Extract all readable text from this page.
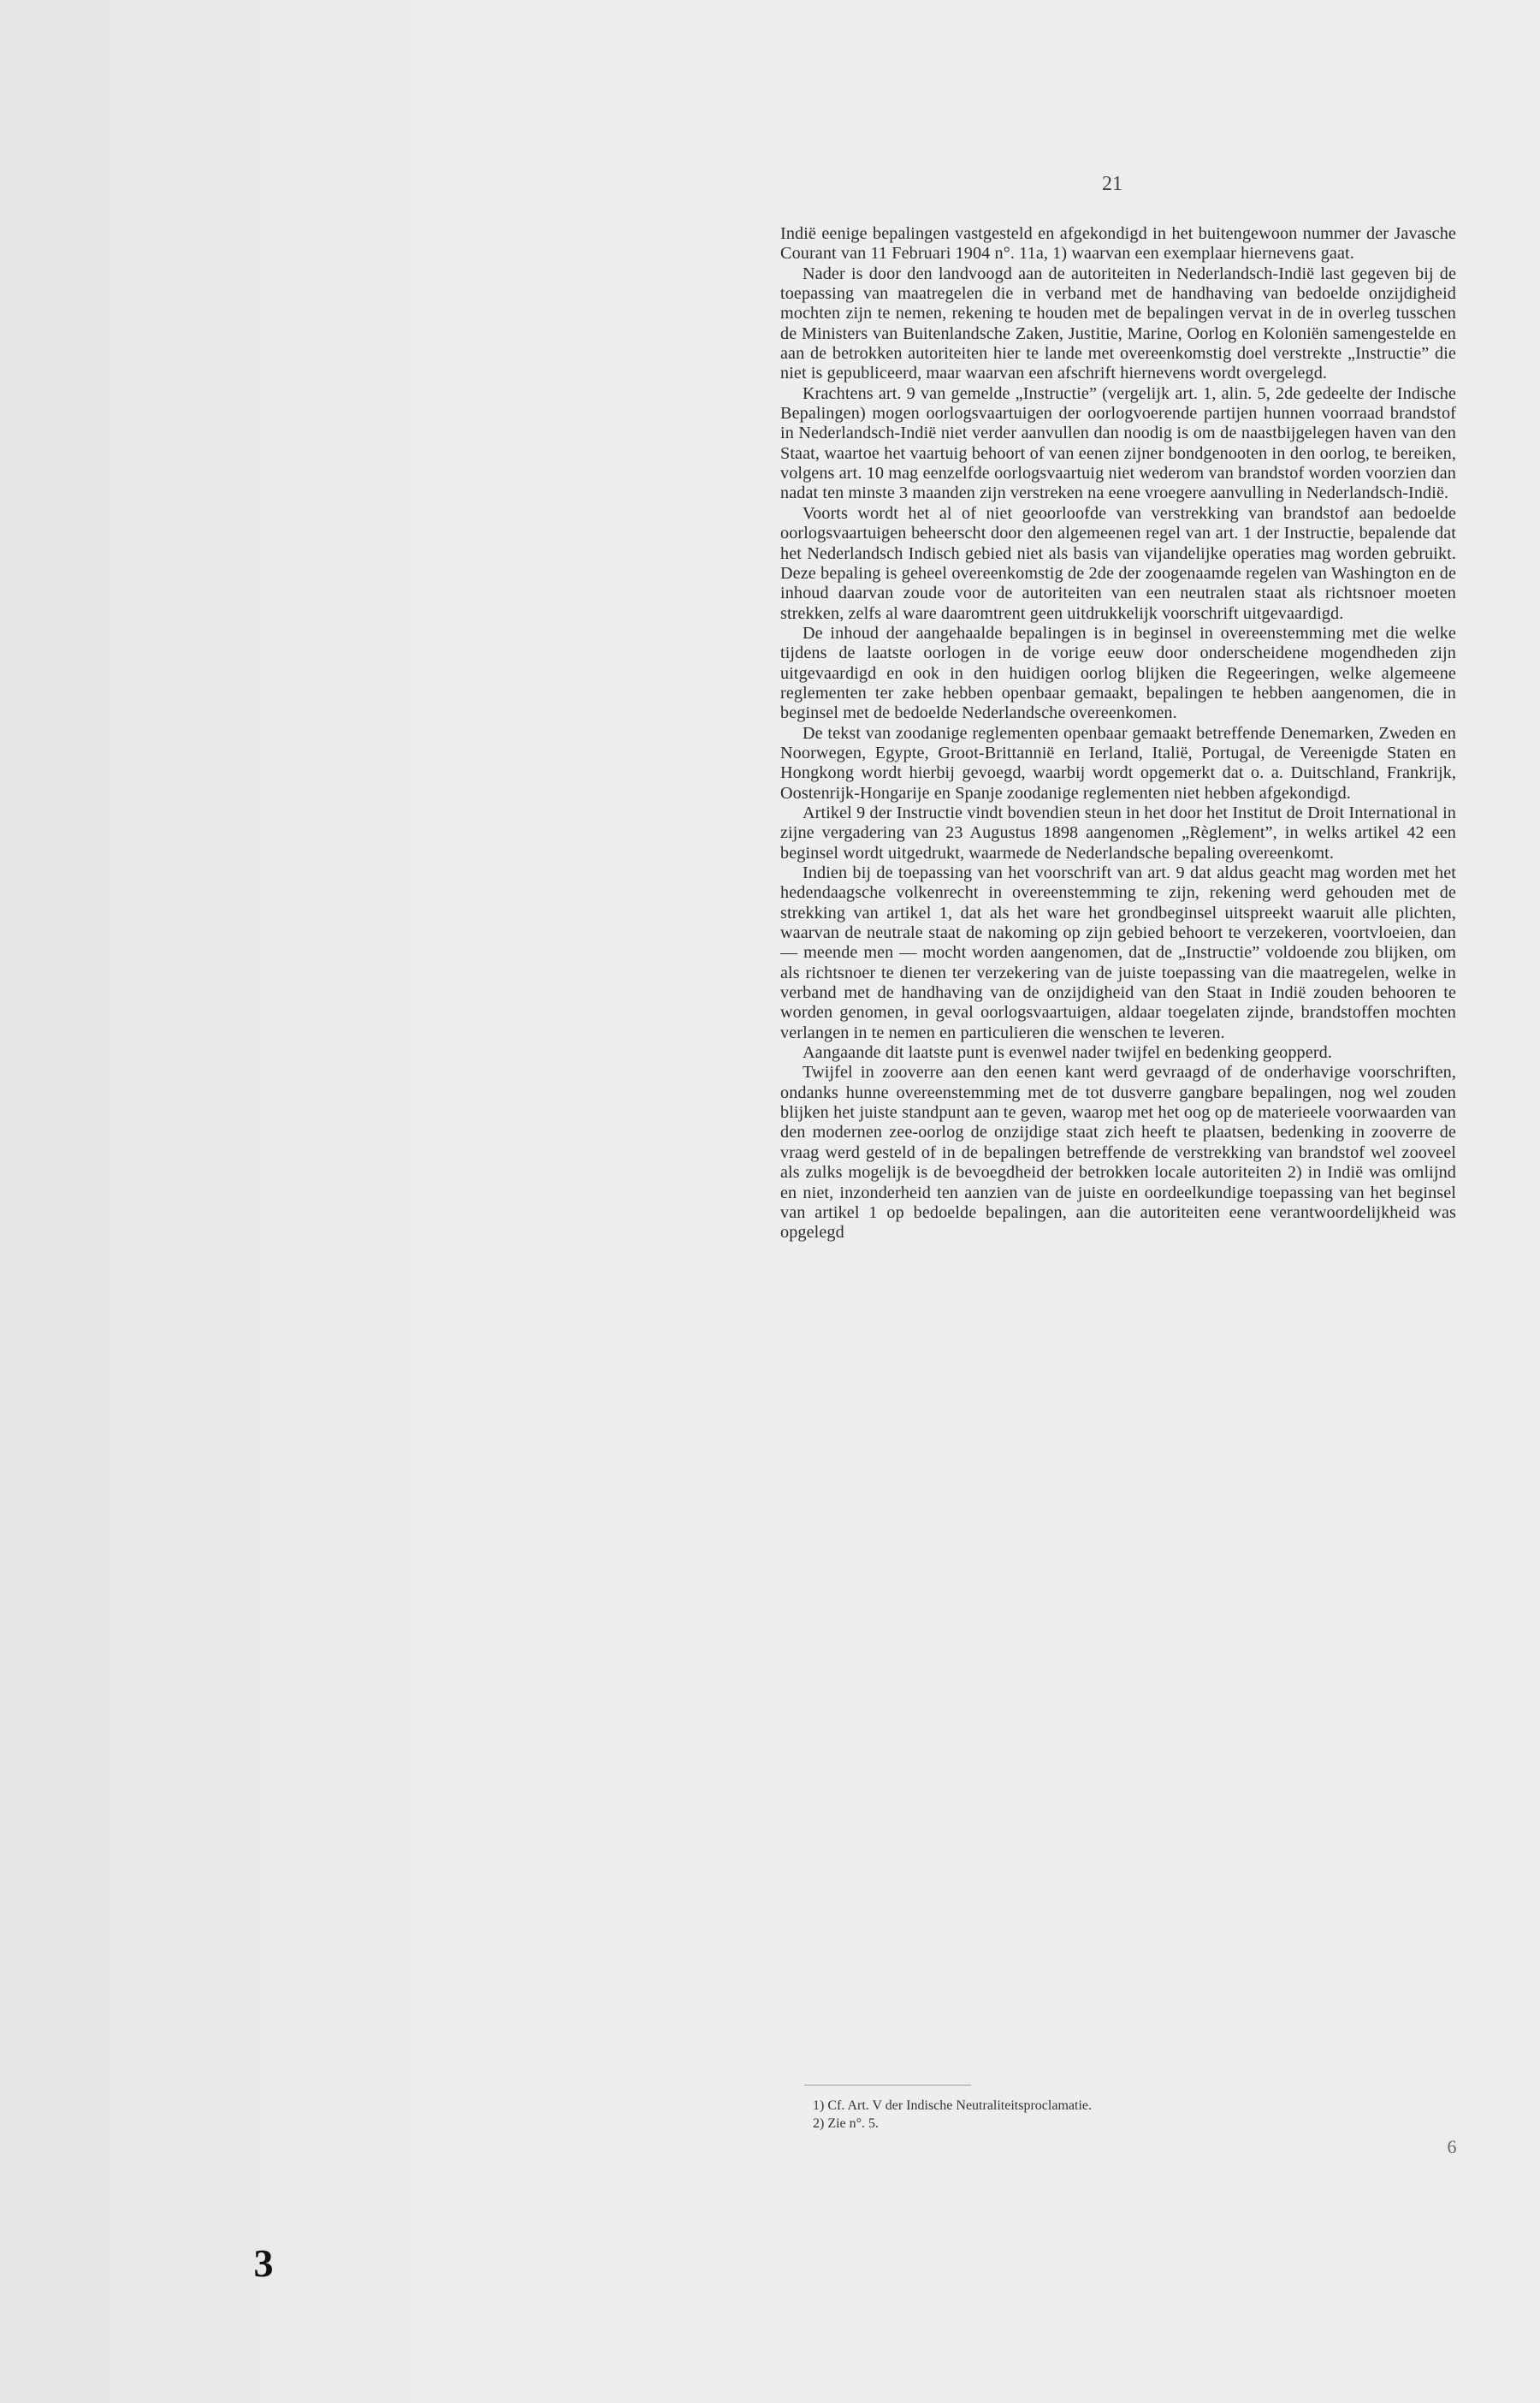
21

Indië eenige bepalingen vastgesteld en afgekondigd in het buitengewoon nummer der Javasche Courant van 11 Februari 1904 n°. 11a, 1) waarvan een exemplaar hiernevens gaat.

Nader is door den landvoogd aan de autoriteiten in Nederlandsch-Indië last gegeven bij de toepassing van maatregelen die in verband met de handhaving van bedoelde onzijdigheid mochten zijn te nemen, rekening te houden met de bepalingen vervat in de in overleg tusschen de Ministers van Buitenlandsche Zaken, Justitie, Marine, Oorlog en Koloniën samengestelde en aan de betrokken autoriteiten hier te lande met overeenkomstig doel verstrekte „Instructie” die niet is gepubliceerd, maar waarvan een afschrift hiernevens wordt overgelegd.

Krachtens art. 9 van gemelde „Instructie” (vergelijk art. 1, alin. 5, 2de gedeelte der Indische Bepalingen) mogen oorlogsvaartuigen der oorlogvoerende partijen hunnen voorraad brandstof in Nederlandsch-Indië niet verder aanvullen dan noodig is om de naastbijgelegen haven van den Staat, waartoe het vaartuig behoort of van eenen zijner bondgenooten in den oorlog, te bereiken, volgens art. 10 mag eenzelfde oorlogsvaartuig niet wederom van brandstof worden voorzien dan nadat ten minste 3 maanden zijn verstreken na eene vroegere aanvulling in Nederlandsch-Indië.

Voorts wordt het al of niet geoorloofde van verstrekking van brandstof aan bedoelde oorlogsvaartuigen beheerscht door den algemeenen regel van art. 1 der Instructie, bepalende dat het Nederlandsch Indisch gebied niet als basis van vijandelijke operaties mag worden gebruikt. Deze bepaling is geheel overeenkomstig de 2de der zoogenaamde regelen van Washington en de inhoud daarvan zoude voor de autoriteiten van een neutralen staat als richtsnoer moeten strekken, zelfs al ware daaromtrent geen uitdrukkelijk voorschrift uitgevaardigd.

De inhoud der aangehaalde bepalingen is in beginsel in overeenstemming met die welke tijdens de laatste oorlogen in de vorige eeuw door onderscheidene mogendheden zijn uitgevaardigd en ook in den huidigen oorlog blijken die Regeeringen, welke algemeene reglementen ter zake hebben openbaar gemaakt, bepalingen te hebben aangenomen, die in beginsel met de bedoelde Nederlandsche overeenkomen.

De tekst van zoodanige reglementen openbaar gemaakt betreffende Denemarken, Zweden en Noorwegen, Egypte, Groot-Brittannië en Ierland, Italië, Portugal, de Vereenigde Staten en Hongkong wordt hierbij gevoegd, waarbij wordt opgemerkt dat o. a. Duitschland, Frankrijk, Oostenrijk-Hongarije en Spanje zoodanige reglementen niet hebben afgekondigd.

Artikel 9 der Instructie vindt bovendien steun in het door het Institut de Droit International in zijne vergadering van 23 Augustus 1898 aangenomen „Règlement”, in welks artikel 42 een beginsel wordt uitgedrukt, waarmede de Nederlandsche bepaling overeenkomt.

Indien bij de toepassing van het voorschrift van art. 9 dat aldus geacht mag worden met het hedendaagsche volkenrecht in overeenstemming te zijn, rekening werd gehouden met de strekking van artikel 1, dat als het ware het grondbeginsel uitspreekt waaruit alle plichten, waarvan de neutrale staat de nakoming op zijn gebied behoort te verzekeren, voortvloeien, dan — meende men — mocht worden aangenomen, dat de „Instructie” voldoende zou blijken, om als richtsnoer te dienen ter verzekering van de juiste toepassing van die maatregelen, welke in verband met de handhaving van de onzijdigheid van den Staat in Indië zouden behooren te worden genomen, in geval oorlogsvaartuigen, aldaar toegelaten zijnde, brandstoffen mochten verlangen in te nemen en particulieren die wenschen te leveren.

Aangaande dit laatste punt is evenwel nader twijfel en bedenking geopperd.

Twijfel in zooverre aan den eenen kant werd gevraagd of de onderhavige voorschriften, ondanks hunne overeenstemming met de tot dusverre gangbare bepalingen, nog wel zouden blijken het juiste standpunt aan te geven, waarop met het oog op de materieele voorwaarden van den modernen zee-oorlog de onzijdige staat zich heeft te plaatsen, bedenking in zooverre de vraag werd gesteld of in de bepalingen betreffende de verstrekking van brandstof wel zooveel als zulks mogelijk is de bevoegdheid der betrokken locale autoriteiten 2) in Indië was omlijnd en niet, inzonderheid ten aanzien van de juiste en oordeelkundige toepassing van het beginsel van artikel 1 op bedoelde bepalingen, aan die autoriteiten eene verantwoordelijkheid was opgelegd

1) Cf. Art. V der Indische Neutraliteitsproclamatie.

2) Zie n°. 5.

6
3
